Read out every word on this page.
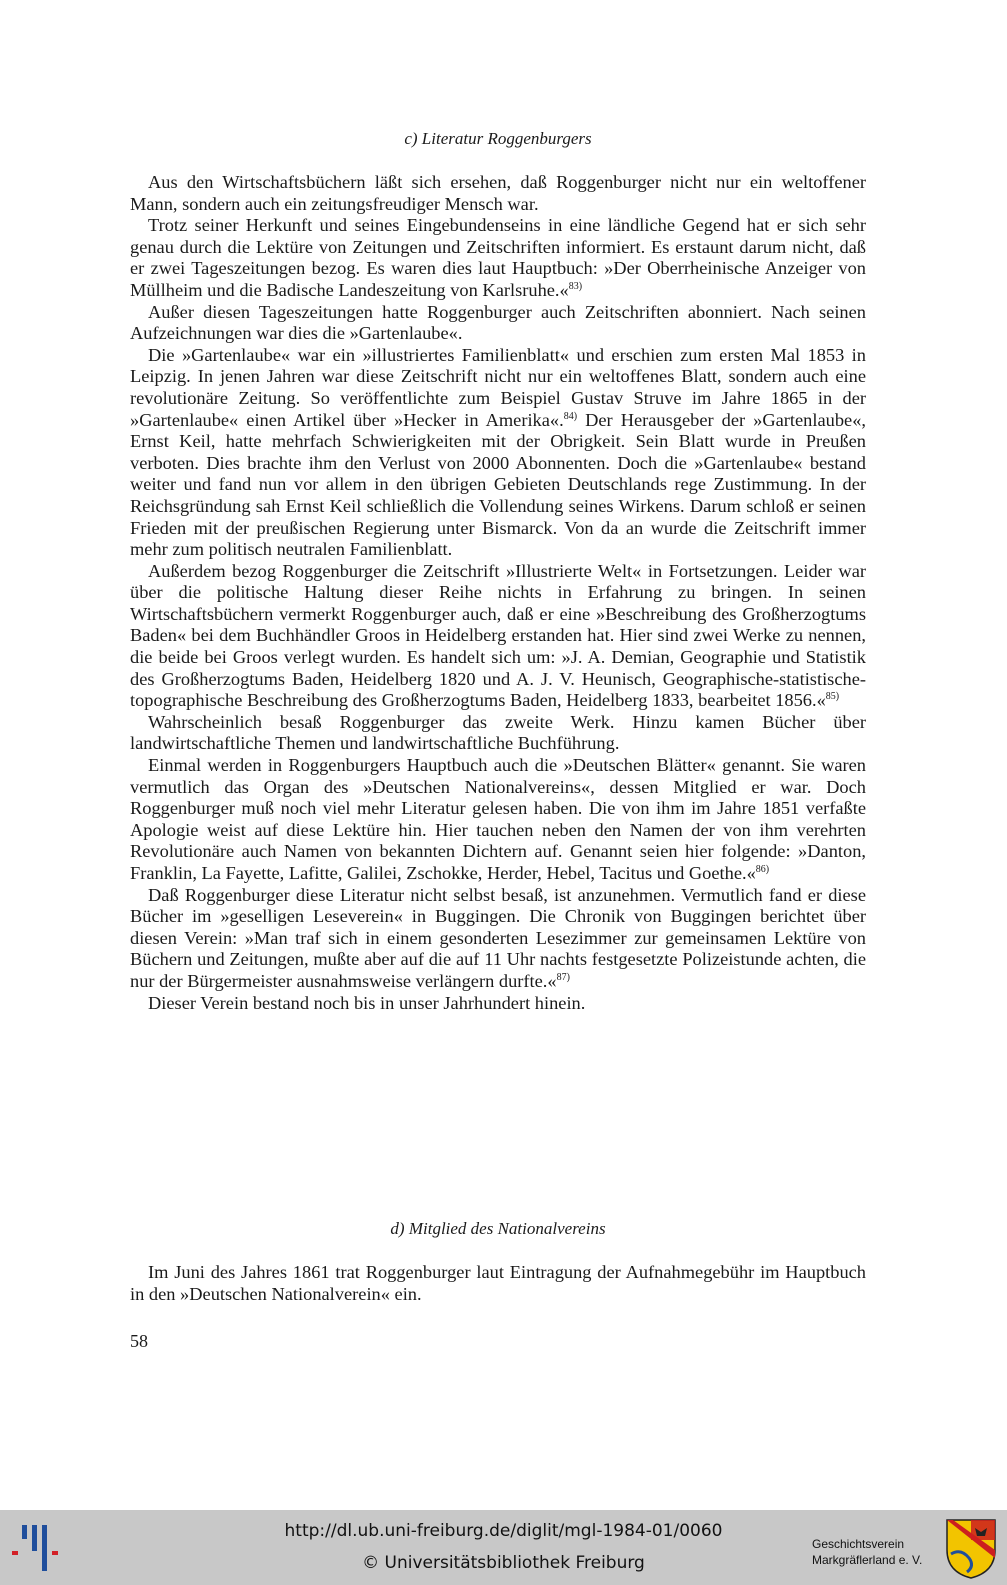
c) Literatur Roggenburgers

Aus den Wirtschaftsbüchern läßt sich ersehen, daß Roggenburger nicht nur ein weltoffener Mann, sondern auch ein zeitungsfreudiger Mensch war.

Trotz seiner Herkunft und seines Eingebundenseins in eine ländliche Gegend hat er sich sehr genau durch die Lektüre von Zeitungen und Zeitschriften informiert. Es erstaunt darum nicht, daß er zwei Tageszeitungen bezog. Es waren dies laut Hauptbuch: »Der Oberrheinische Anzeiger von Müllheim und die Badische Landeszeitung von Karlsruhe.«$^{83)}$

Außer diesen Tageszeitungen hatte Roggenburger auch Zeitschriften abonniert. Nach seinen Aufzeichnungen war dies die »Gartenlaube«.

Die »Gartenlaube« war ein »illustriertes Familienblatt« und erschien zum ersten Mal 1853 in Leipzig. In jenen Jahren war diese Zeitschrift nicht nur ein weltoffenes Blatt, sondern auch eine revolutionäre Zeitung. So veröffentlichte zum Beispiel Gustav Struve im Jahre 1865 in der »Gartenlaube« einen Artikel über »Hecker in Amerika«.$^{84)}$ Der Herausgeber der »Gartenlaube«, Ernst Keil, hatte mehrfach Schwierigkeiten mit der Obrigkeit. Sein Blatt wurde in Preußen verboten. Dies brachte ihm den Verlust von 2000 Abonnenten. Doch die »Gartenlaube« bestand weiter und fand nun vor allem in den übrigen Gebieten Deutschlands rege Zustimmung. In der Reichsgründung sah Ernst Keil schließlich die Vollendung seines Wirkens. Darum schloß er seinen Frieden mit der preußischen Regierung unter Bismarck. Von da an wurde die Zeitschrift immer mehr zum politisch neutralen Familienblatt.

Außerdem bezog Roggenburger die Zeitschrift »Illustrierte Welt« in Fortsetzungen. Leider war über die politische Haltung dieser Reihe nichts in Erfahrung zu bringen. In seinen Wirtschaftsbüchern vermerkt Roggenburger auch, daß er eine »Beschreibung des Großherzogtums Baden« bei dem Buchhändler Groos in Heidelberg erstanden hat. Hier sind zwei Werke zu nennen, die beide bei Groos verlegt wurden. Es handelt sich um: »J. A. Demian, Geographie und Statistik des Großherzogtums Baden, Heidelberg 1820 und A. J. V. Heunisch, Geographische-statistische-topographische Beschreibung des Großherzogtums Baden, Heidelberg 1833, bearbeitet 1856.«$^{85)}$

Wahrscheinlich besaß Roggenburger das zweite Werk. Hinzu kamen Bücher über landwirtschaftliche Themen und landwirtschaftliche Buchführung.

Einmal werden in Roggenburgers Hauptbuch auch die »Deutschen Blätter« genannt. Sie waren vermutlich das Organ des »Deutschen Nationalvereins«, dessen Mitglied er war. Doch Roggenburger muß noch viel mehr Literatur gelesen haben. Die von ihm im Jahre 1851 verfaßte Apologie weist auf diese Lektüre hin. Hier tauchen neben den Namen der von ihm verehrten Revolutionäre auch Namen von bekannten Dichtern auf. Genannt seien hier folgende: »Danton, Franklin, La Fayette, Lafitte, Galilei, Zschokke, Herder, Hebel, Tacitus und Goethe.«$^{86)}$

Daß Roggenburger diese Literatur nicht selbst besaß, ist anzunehmen. Vermutlich fand er diese Bücher im »geselligen Leseverein« in Buggingen. Die Chronik von Buggingen berichtet über diesen Verein: »Man traf sich in einem gesonderten Lesezimmer zur gemeinsamen Lektüre von Büchern und Zeitungen, mußte aber auf die auf 11 Uhr nachts festgesetzte Polizeistunde achten, die nur der Bürgermeister ausnahmsweise verlängern durfte.«$^{87)}$

Dieser Verein bestand noch bis in unser Jahrhundert hinein.

d) Mitglied des Nationalvereins

Im Juni des Jahres 1861 trat Roggenburger laut Eintragung der Aufnahmegebühr im Hauptbuch in den »Deutschen Nationalverein« ein.

58
http://dl.ub.uni-freiburg.de/diglit/mgl-1984-01/0060
© Universitätsbibliothek Freiburg
Geschichtsverein
Markgräflerland e. V.
